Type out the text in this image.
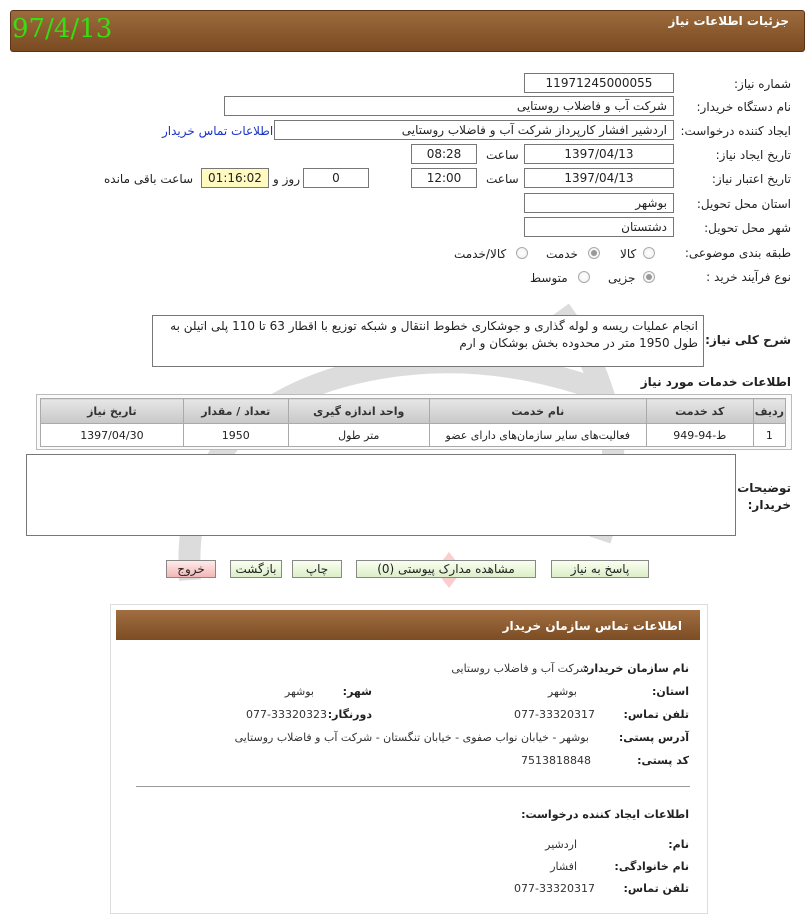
جزئیات اطلاعات نیاز
97/4/13
شماره نیاز:
11971245000055
نام دستگاه خریدار:
شرکت آب و فاضلاب روستایی
ایجاد کننده درخواست:
اردشیر افشار کارپرداز شرکت آب و فاضلاب روستایی
اطلاعات تماس خریدار
تاریخ ایجاد نیاز:
1397/04/13
ساعت
08:28
تاریخ اعتبار نیاز:
1397/04/13
ساعت
12:00
0
روز و
01:16:02
ساعت باقی مانده
استان محل تحویل:
بوشهر
شهر محل تحویل:
دشتستان
طبقه بندی موضوعی:
کالا
خدمت
کالا/خدمت
نوع فرآیند خرید :
جزیی
متوسط
شرح کلی نیاز:
انجام عملیات ریسه و لوله گذاری و جوشکاری خطوط انتقال و شبکه توزیع با اقطار 63 تا 110 پلی اتیلن به طول 1950 متر در محدوده بخش بوشکان و ارم
اطلاعات خدمات مورد نیاز
ردیف	کد خدمت	نام خدمت	واحد اندازه گیری	تعداد / مقدار	تاریخ نیاز
1	ط-94-949	فعالیت‌های سایر سازمان‌های دارای عضو	متر طول	1950	1397/04/30
توضیحات خریدار:
پاسخ به نیاز
مشاهده مدارک پیوستی (0)
چاپ
بازگشت
خروج
اطلاعات تماس سازمان خریدار
نام سازمان خریدار:
شرکت آب و فاضلاب روستایی
استان:
بوشهر
شهر:
بوشهر
تلفن تماس:
077-33320317
دورنگار:
077-33320323
آدرس پستی:
بوشهر - خیابان نواب صفوی - خیابان تنگستان - شرکت آب و فاضلاب روستایی
کد پستی:
7513818848
اطلاعات ایجاد کننده درخواست:
نام:
اردشیر
نام خانوادگی:
افشار
تلفن تماس:
077-33320317
